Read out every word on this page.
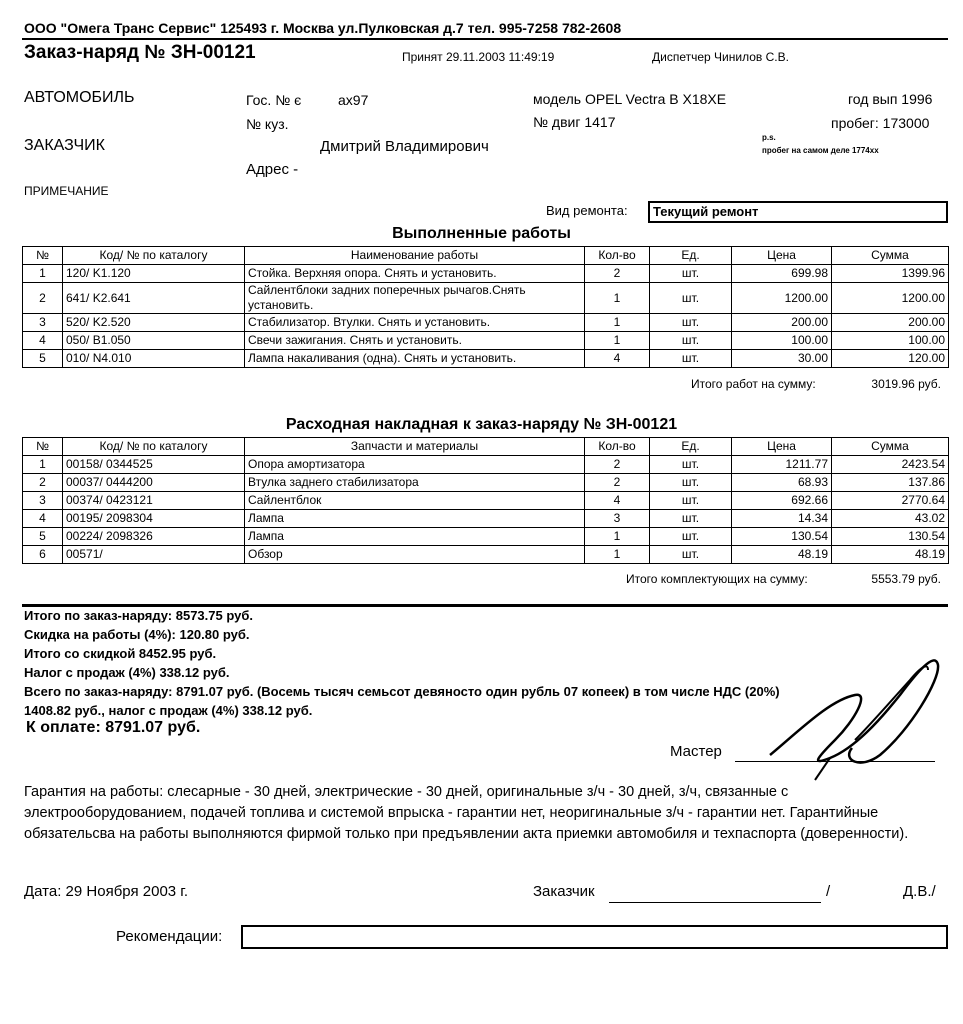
ООО "Омега Транс Сервис" 125493 г. Москва ул.Пулковская д.7 тел. 995-7258 782-2608
Заказ-наряд № ЗН-00121	Принят 29.11.2003 11:49:19	Диспетчер Чинилов С.В.
АВТОМОБИЛЬ	Гос. № є	ах97	модель OPEL Vectra B X18XE	год вып 1996
№ куз.	№ двиг 1417	пробег: 173000
ЗАКАЗЧИК	Дмитрий Владимирович
p.s.
пробег на самом деле 1774хх
Адрес -
ПРИМЕЧАНИЕ
Вид ремонта: Текущий ремонт
Выполненные работы
№	Код/ № по каталогу	Наименование работы	Кол-во	Ед.	Цена	Сумма
1	120/ K1.120	Стойка. Верхняя опора. Снять и установить.	2	шт.	699.98	1399.96
2	641/ K2.641	Сайлентблоки задних поперечных рычагов.Снять установить.	1	шт.	1200.00	1200.00
3	520/ K2.520	Стабилизатор. Втулки. Снять и установить.	1	шт.	200.00	200.00
4	050/ B1.050	Свечи зажигания. Снять и установить.	1	шт.	100.00	100.00
5	010/ N4.010	Лампа накаливания (одна). Снять и установить.	4	шт.	30.00	120.00
Итого работ на сумму:	3019.96 руб.
Расходная накладная к заказ-наряду № ЗН-00121
№	Код/ № по каталогу	Запчасти и материалы	Кол-во	Ед.	Цена	Сумма
1	00158/ 0344525	Опора амортизатора	2	шт.	1211.77	2423.54
2	00037/ 0444200	Втулка заднего стабилизатора	2	шт.	68.93	137.86
3	00374/ 0423121	Сайлентблок	4	шт.	692.66	2770.64
4	00195/ 2098304	Лампа	3	шт.	14.34	43.02
5	00224/ 2098326	Лампа	1	шт.	130.54	130.54
6	00571/	Обзор	1	шт.	48.19	48.19
Итого комплектующих на сумму:	5553.79 руб.
Итого по заказ-наряду: 8573.75 руб.
Скидка на работы (4%): 120.80 руб.
Итого со скидкой 8452.95 руб.
Налог с продаж (4%) 338.12 руб.
Всего по заказ-наряду: 8791.07 руб. (Восемь тысяч семьсот девяносто один рубль 07 копеек) в том числе НДС (20%)
1408.82 руб., налог с продаж (4%) 338.12 руб.
К оплате: 8791.07 руб.
Мастер
Гарантия на работы: слесарные - 30 дней, электрические - 30 дней, оригинальные з/ч - 30 дней, з/ч, связанные с электрооборудованием, подачей топлива и системой впрыска - гарантии нет, неоригинальные з/ч - гарантии нет. Гарантийные обязательсва на работы выполняются фирмой только при предъявлении акта приемки автомобиля и техпаспорта (доверенности).
Дата: 29 Ноября 2003 г.	Заказчик	/	Д.В./
Рекомендации:
